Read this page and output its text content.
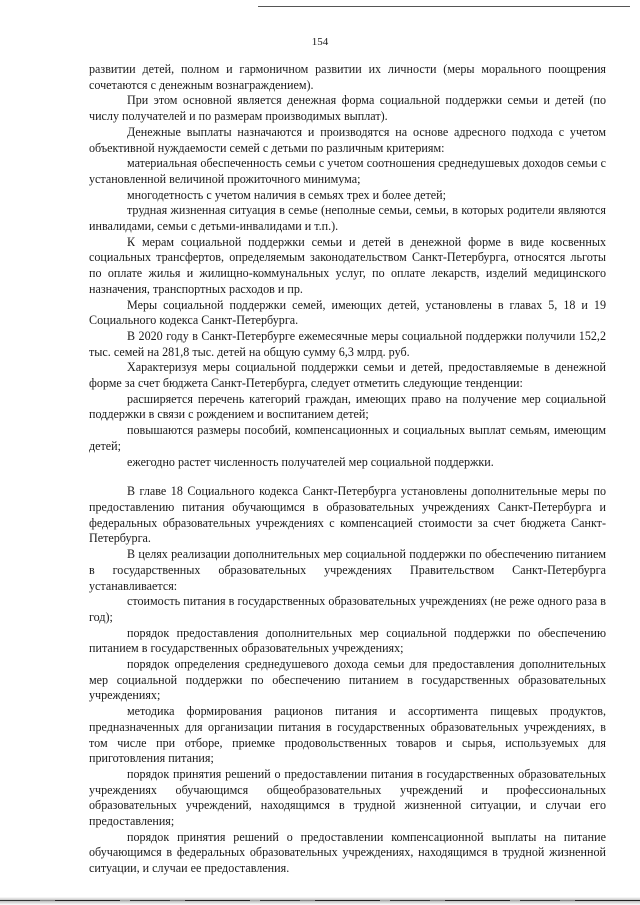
154

развитии детей, полном и гармоничном развитии их личности (меры морального поощрения сочетаются с денежным вознаграждением).

При этом основной является денежная форма социальной поддержки семьи и детей (по числу получателей и по размерам производимых выплат).

Денежные выплаты назначаются и производятся на основе адресного подхода с учетом объективной нуждаемости семей с детьми по различным критериям:

материальная обеспеченность семьи с учетом соотношения среднедушевых доходов семьи с установленной величиной прожиточного минимума;

многодетность с учетом наличия в семьях трех и более детей;

трудная жизненная ситуация в семье (неполные семьи, семьи, в которых родители являются инвалидами, семьи с детьми-инвалидами и т.п.).

К мерам социальной поддержки семьи и детей в денежной форме в виде косвенных социальных трансфертов, определяемым законодательством Санкт-Петербурга, относятся льготы по оплате жилья и жилищно-коммунальных услуг, по оплате лекарств, изделий медицинского назначения, транспортных расходов и пр.

Меры социальной поддержки семей, имеющих детей, установлены в главах 5, 18 и 19 Социального кодекса Санкт-Петербурга.

В 2020 году в Санкт-Петербурге ежемесячные меры социальной поддержки получили 152,2 тыс. семей на 281,8 тыс. детей на общую сумму 6,3 млрд. руб.

Характеризуя меры социальной поддержки семьи и детей, предоставляемые в денежной форме за счет бюджета Санкт-Петербурга, следует отметить следующие тенденции:

расширяется перечень категорий граждан, имеющих право на получение мер социальной поддержки в связи с рождением и воспитанием детей;

повышаются размеры пособий, компенсационных и социальных выплат семьям, имеющим детей;

ежегодно растет численность получателей мер социальной поддержки.

В главе 18 Социального кодекса Санкт-Петербурга установлены дополнительные меры по предоставлению питания обучающимся в образовательных учреждениях Санкт-Петербурга и федеральных образовательных учреждениях с компенсацией стоимости за счет бюджета Санкт-Петербурга.

В целях реализации дополнительных мер социальной поддержки по обеспечению питанием в государственных образовательных учреждениях Правительством Санкт-Петербурга устанавливается:

стоимость питания в государственных образовательных учреждениях (не реже одного раза в год);

порядок предоставления дополнительных мер социальной поддержки по обеспечению питанием в государственных образовательных учреждениях;

порядок определения среднедушевого дохода семьи для предоставления дополнительных мер социальной поддержки по обеспечению питанием в государственных образовательных учреждениях;

методика формирования рационов питания и ассортимента пищевых продуктов, предназначенных для организации питания в государственных образовательных учреждениях, в том числе при отборе, приемке продовольственных товаров и сырья, используемых для приготовления питания;

порядок принятия решений о предоставлении питания в государственных образовательных учреждениях обучающимся общеобразовательных учреждений и профессиональных образовательных учреждений, находящимся в трудной жизненной ситуации, и случаи его предоставления;

порядок принятия решений о предоставлении компенсационной выплаты на питание обучающимся в федеральных образовательных учреждениях, находящимся в трудной жизненной ситуации, и случаи ее предоставления.
